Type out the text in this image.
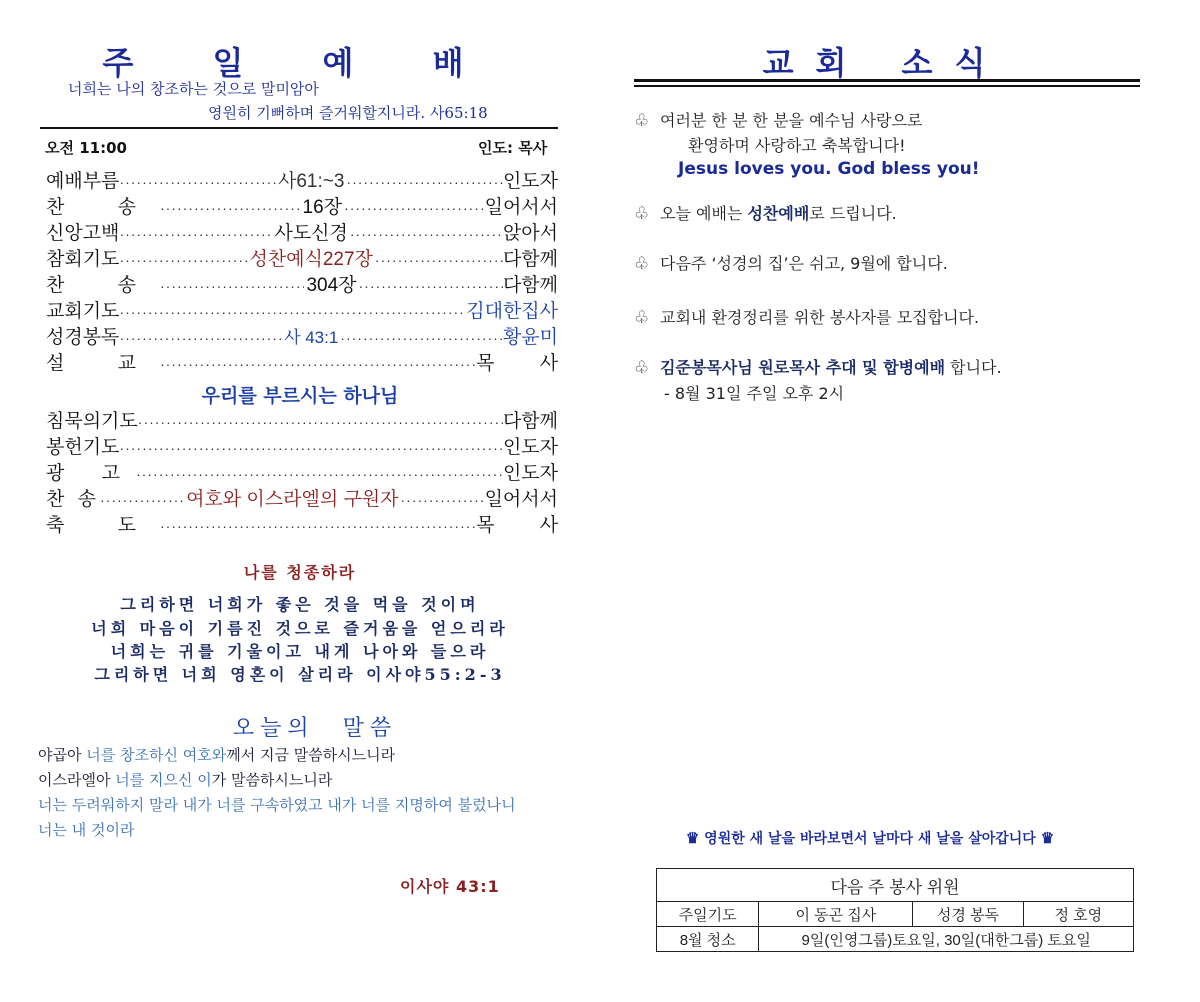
주 일 예 배
너희는 나의 창조하는 것으로 말미암아
영원히 기뻐하며 즐거워할지니라. 사65:18
오전 11:00	인도: 목사
예배부름 ·····	사61:~3 ·····	인도자
찬 송 ·····	16장 ·····	일어서서
신앙고백 ·····	사도신경 ·····	앉아서
참회기도 ·····	성찬예식227장 ·····	다함께
찬 송 ·····	304장 ·····	다함께
교회기도 ·····	김대한집사
성경봉독 ·····	사 43:1 ·····	황윤미
설 교 ·····	목 사
우리를 부르시는 하나님
침묵의기도 ·····	다함께
봉헌기도 ·····	인도자
광 고 ·····	인도자
찬 송 ·····	여호와 이스라엘의 구원자 ·····	일어서서
축 도 ·····	목 사
나를 청종하라
그리하면 너희가 좋은 것을 먹을 것이며
너희 마음이 기름진 것으로 즐거움을 얻으리라
너희는 귀를 기울이고 내게 나아와 들으라
그리하면 너희 영혼이 살리라 이사야55:2-3
오늘의 말씀
야곱아 너를 창조하신 여호와께서 지금 말씀하시느니라
이스라엘아 너를 지으신 이가 말씀하시느니라
너는 두려워하지 말라 내가 너를 구속하였고 내가 너를 지명하여 불렀나니
너는 내 것이라
이사야 43:1
교회 소식
♧ 여러분 한 분 한 분을 예수님 사랑으로
환영하며 사랑하고 축복합니다!
Jesus loves you. God bless you!
♧ 오늘 예배는 성찬예배로 드립니다.
♧ 다음주 ‘성경의 집’은 쉬고, 9월에 합니다.
♧ 교회내 환경정리를 위한 봉사자를 모집합니다.
♧ 김준봉목사님 원로목사 추대 및 합병예배 합니다.
- 8월 31일 주일 오후 2시
♛ 영원한 새 날을 바라보면서 날마다 새 날을 살아갑니다 ♛
다음 주 봉사 위원			
주일기도	이 동곤 집사	성경 봉독	정 호영
8월 청소	9일(인영그룹)토요일, 30일(대한그룹) 토요일		
